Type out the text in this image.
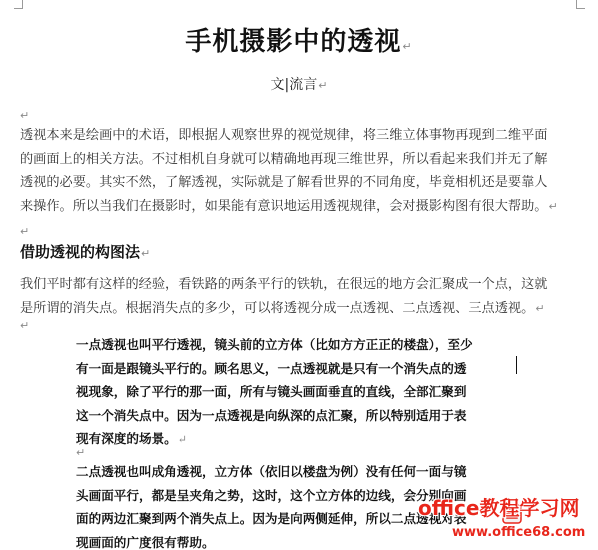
手机摄影中的透视↵
文|流言↵
↵
透视本来是绘画中的术语，即根据人观察世界的视觉规律，将三维立体事物再现到二维平面
的画面上的相关方法。不过相机自身就可以精确地再现三维世界，所以看起来我们并无了解
透视的必要。其实不然，了解透视，实际就是了解看世界的不同角度，毕竟相机还是要靠人
来操作。所以当我们在摄影时，如果能有意识地运用透视规律，会对摄影构图有很大帮助。↵
↵
借助透视的构图法↵
我们平时都有这样的经验，看铁路的两条平行的铁轨，在很远的地方会汇聚成一个点，这就
是所谓的消失点。根据消失点的多少，可以将透视分成一点透视、二点透视、三点透视。↵
↵
一点透视也叫平行透视，镜头前的立方体（比如方方正正的楼盘），至少
有一面是跟镜头平行的。顾名思义，一点透视就是只有一个消失点的透
视现象，除了平行的那一面，所有与镜头画面垂直的直线，全部汇聚到
这一个消失点中。因为一点透视是向纵深的点汇聚，所以特别适用于表
现有深度的场景。↵
↵
二点透视也叫成角透视，立方体（依旧以楼盘为例）没有任何一面与镜
头画面平行，都是呈夹角之势，这时，这个立方体的边线，会分别向画
面的两边汇聚到两个消失点上。因为是向两侧延伸，所以二点透视对表
现画面的广度很有帮助。
office教程学习网
www.office68.com
